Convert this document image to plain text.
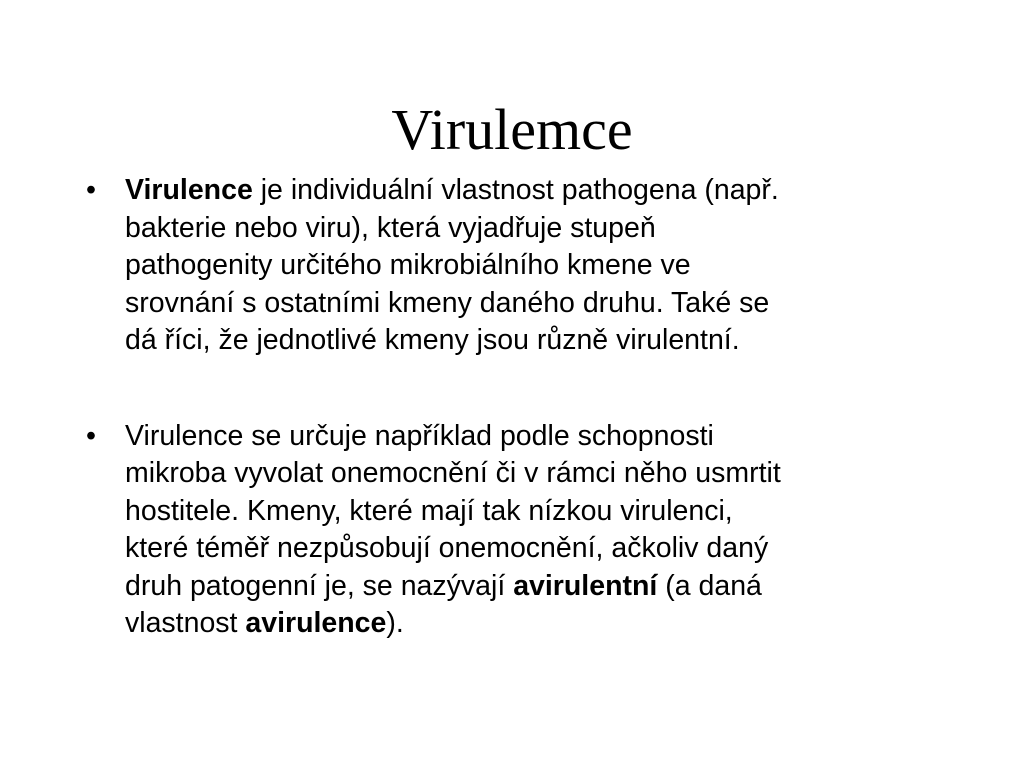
Virulemce
•	Virulence je individuální vlastnost pathogena (např.
bakterie nebo viru), která vyjadřuje stupeň
pathogenity určitého mikrobiálního kmene ve
srovnání s ostatními kmeny daného druhu. Také se
dá říci, že jednotlivé kmeny jsou různě virulentní.
•	Virulence se určuje například podle schopnosti
mikroba vyvolat onemocnění či v rámci něho usmrtit
hostitele. Kmeny, které mají tak nízkou virulenci,
které téměř nezpůsobují onemocnění, ačkoliv daný
druh patogenní je, se nazývají avirulentní (a daná
vlastnost avirulence).
